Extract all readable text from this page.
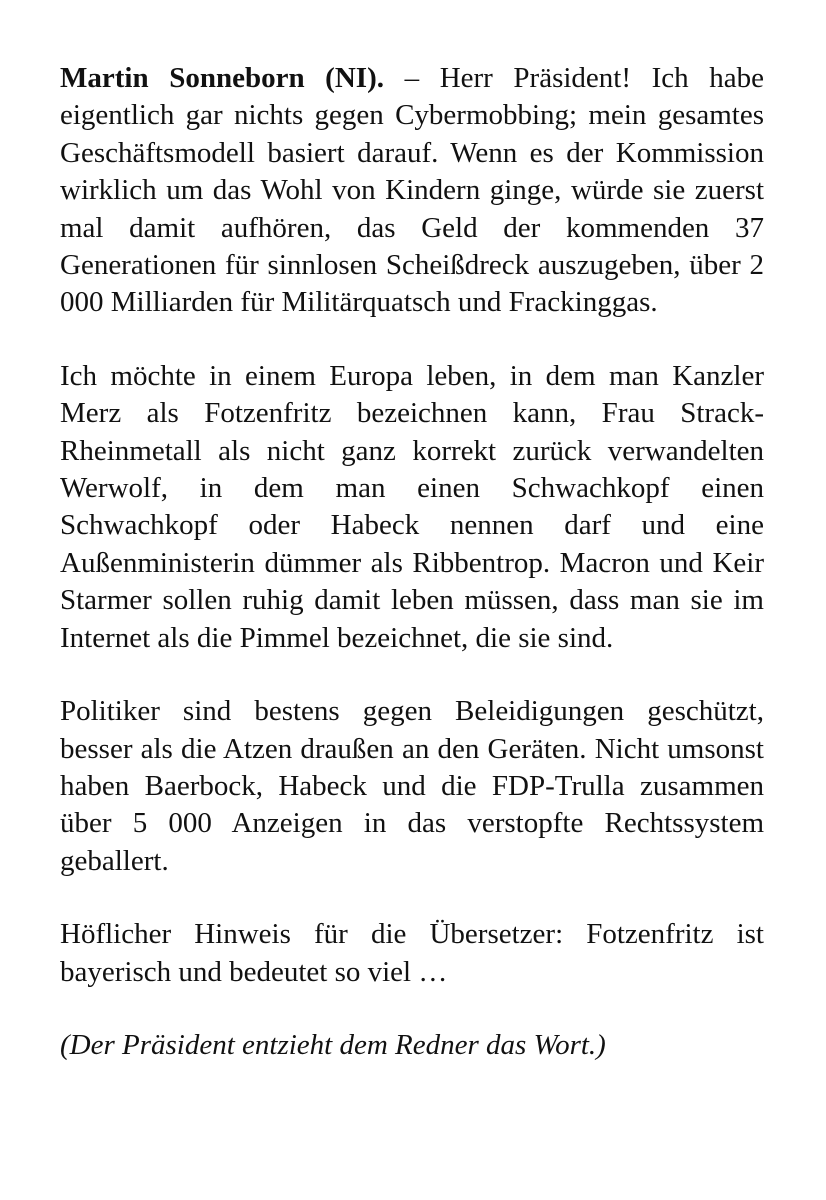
Martin Sonneborn (NI). – Herr Präsident! Ich habe eigentlich gar nichts gegen Cybermobbing; mein gesamtes Geschäftsmodell basiert darauf. Wenn es der Kommission wirklich um das Wohl von Kindern ginge, würde sie zuerst mal damit aufhören, das Geld der kommenden 37 Generationen für sinnlosen Scheißdreck auszugeben, über 2 000 Milliarden für Militärquatsch und Frackinggas.

Ich möchte in einem Europa leben, in dem man Kanzler Merz als Fotzenfritz bezeichnen kann, Frau Strack-Rheinmetall als nicht ganz korrekt zurück verwandelten Werwolf, in dem man einen Schwachkopf einen Schwachkopf oder Habeck nennen darf und eine Außenministerin dümmer als Ribbentrop. Macron und Keir Starmer sollen ruhig damit leben müssen, dass man sie im Internet als die Pimmel bezeichnet, die sie sind.

Politiker sind bestens gegen Beleidigungen geschützt, besser als die Atzen draußen an den Geräten. Nicht umsonst haben Baerbock, Habeck und die FDP-Trulla zusammen über 5 000 Anzeigen in das verstopfte Rechtssystem geballert.

Höflicher Hinweis für die Übersetzer: Fotzenfritz ist bayerisch und bedeutet so viel …

(Der Präsident entzieht dem Redner das Wort.)
